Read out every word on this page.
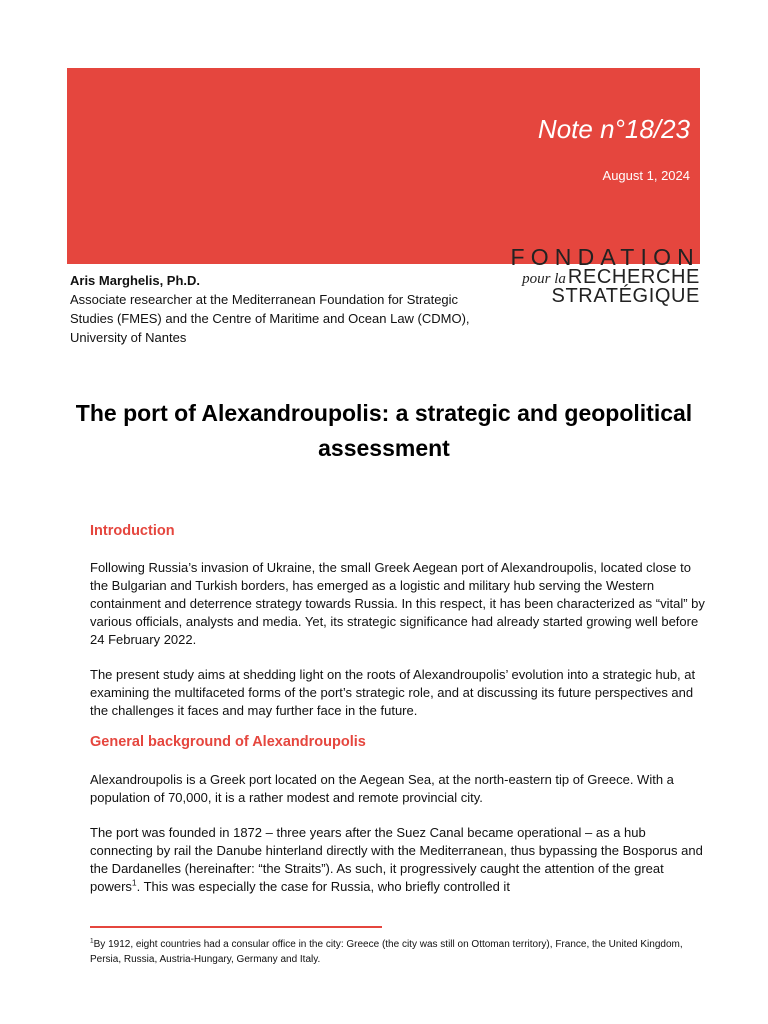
Note n°18/23
August 1, 2024
FONDATION
pour la RECHERCHE
STRATÉGIQUE
Aris Marghelis, Ph.D.
Associate researcher at the Mediterranean Foundation for Strategic Studies (FMES) and the Centre of Maritime and Ocean Law (CDMO), University of Nantes
The port of Alexandroupolis: a strategic and geopolitical assessment
Introduction

Following Russia’s invasion of Ukraine, the small Greek Aegean port of Alexandroupolis, located close to the Bulgarian and Turkish borders, has emerged as a logistic and military hub serving the Western containment and deterrence strategy towards Russia. In this respect, it has been characterized as “vital” by various officials, analysts and media. Yet, its strategic significance had already started growing well before 24 February 2022.

The present study aims at shedding light on the roots of Alexandroupolis’ evolution into a strategic hub, at examining the multifaceted forms of the port’s strategic role, and at discussing its future perspectives and the challenges it faces and may further face in the future.

General background of Alexandroupolis

Alexandroupolis is a Greek port located on the Aegean Sea, at the north-eastern tip of Greece. With a population of 70,000, it is a rather modest and remote provincial city.

The port was founded in 1872 – three years after the Suez Canal became operational – as a hub connecting by rail the Danube hinterland directly with the Mediterranean, thus bypassing the Bosporus and the Dardanelles (hereinafter: “the Straits”). As such, it progressively caught the attention of the great powers$^1$. This was especially the case for Russia, who briefly controlled it

$^1$By 1912, eight countries had a consular office in the city: Greece (the city was still on Ottoman territory), France, the United Kingdom, Persia, Russia, Austria-Hungary, Germany and Italy.
